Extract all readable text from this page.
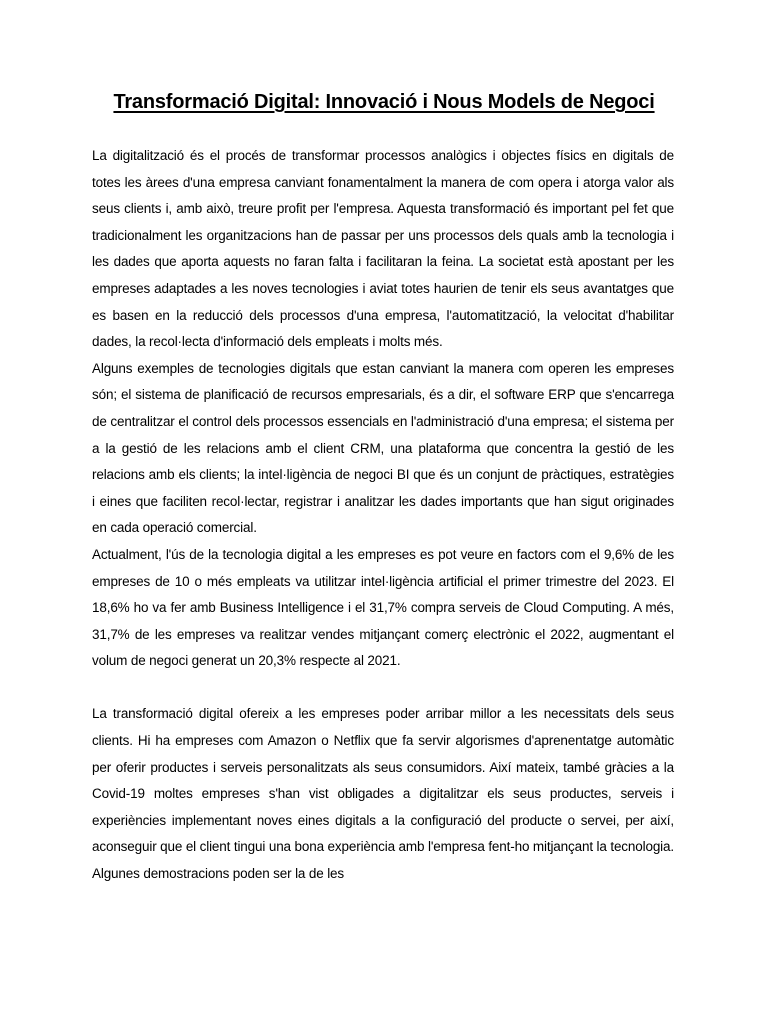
Transformació Digital: Innovació i Nous Models de Negoci

La digitalització és el procés de transformar processos analògics i objectes físics en digitals de totes les àrees d'una empresa canviant fonamentalment la manera de com opera i atorga valor als seus clients i, amb això, treure profit per l'empresa. Aquesta transformació és important pel fet que tradicionalment les organitzacions han de passar per uns processos dels quals amb la tecnologia i les dades que aporta aquests no faran falta i facilitaran la feina. La societat està apostant per les empreses adaptades a les noves tecnologies i aviat totes haurien de tenir els seus avantatges que es basen en la reducció dels processos d'una empresa, l'automatització, la velocitat d'habilitar dades, la recol·lecta d'informació dels empleats i molts més.

Alguns exemples de tecnologies digitals que estan canviant la manera com operen les empreses són; el sistema de planificació de recursos empresarials, és a dir, el software ERP que s'encarrega de centralitzar el control dels processos essencials en l'administració d'una empresa; el sistema per a la gestió de les relacions amb el client CRM, una plataforma que concentra la gestió de les relacions amb els clients; la intel·ligència de negoci BI que és un conjunt de pràctiques, estratègies i eines que faciliten recol·lectar, registrar i analitzar les dades importants que han sigut originades en cada operació comercial.

Actualment, l'ús de la tecnologia digital a les empreses es pot veure en factors com el 9,6% de les empreses de 10 o més empleats va utilitzar intel·ligència artificial el primer trimestre del 2023. El 18,6% ho va fer amb Business Intelligence i el 31,7% compra serveis de Cloud Computing. A més, 31,7% de les empreses va realitzar vendes mitjançant comerç electrònic el 2022, augmentant el volum de negoci generat un 20,3% respecte al 2021.

La transformació digital ofereix a les empreses poder arribar millor a les necessitats dels seus clients. Hi ha empreses com Amazon o Netflix que fa servir algorismes d'aprenentatge automàtic per oferir productes i serveis personalitzats als seus consumidors. Així mateix, també gràcies a la Covid-19 moltes empreses s'han vist obligades a digitalitzar els seus productes, serveis i experiències implementant noves eines digitals a la configuració del producte o servei, per així, aconseguir que el client tingui una bona experiència amb l'empresa fent-ho mitjançant la tecnologia. Algunes demostracions poden ser la de les
